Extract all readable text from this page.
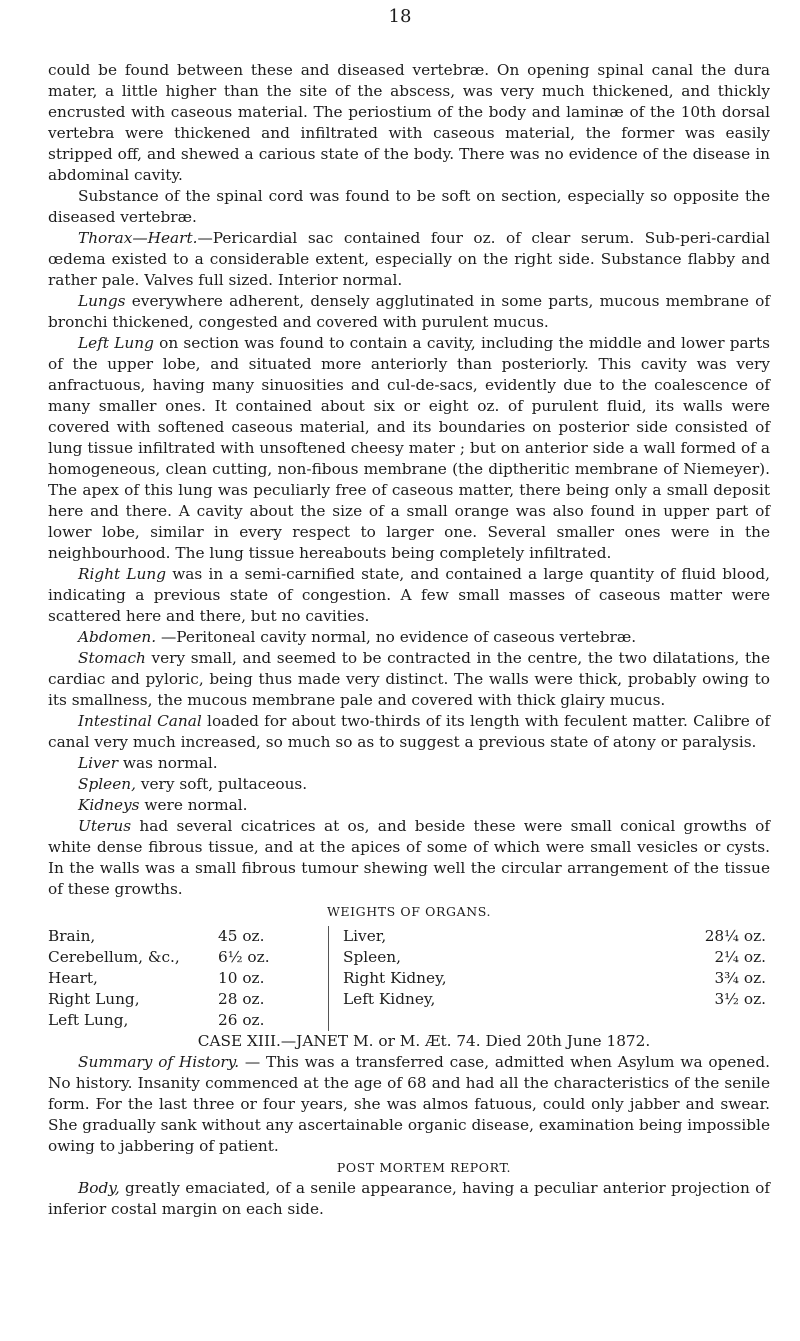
18

could be found between these and diseased vertebræ. On opening spinal canal the dura mater, a little higher than the site of the abscess, was very much thickened, and thickly encrusted with caseous material. The periostium of the body and laminæ of the 10th dorsal vertebra were thickened and infiltrated with caseous material, the former was easily stripped off, and shewed a carious state of the body. There was no evidence of the disease in abdominal cavity.

Substance of the spinal cord was found to be soft on section, especially so opposite the diseased vertebræ.

Thorax—Heart.—Pericardial sac contained four oz. of clear serum. Sub-peri-cardial œdema existed to a considerable extent, especially on the right side. Substance flabby and rather pale. Valves full sized. Interior normal.

Lungs everywhere adherent, densely agglutinated in some parts, mucous membrane of bronchi thickened, congested and covered with purulent mucus.

Left Lung on section was found to contain a cavity, including the middle and lower parts of the upper lobe, and situated more anteriorly than posteriorly. This cavity was very anfractuous, having many sinuosities and cul-de-sacs, evidently due to the coalescence of many smaller ones. It contained about six or eight oz. of purulent fluid, its walls were covered with softened caseous material, and its boundaries on posterior side consisted of lung tissue infiltrated with unsoftened cheesy mater ; but on anterior side a wall formed of a homogeneous, clean cutting, non-fibous membrane (the diptheritic membrane of Niemeyer). The apex of this lung was peculiarly free of caseous matter, there being only a small deposit here and there. A cavity about the size of a small orange was also found in upper part of lower lobe, similar in every respect to larger one. Several smaller ones were in the neighbourhood. The lung tissue hereabouts being completely infiltrated.

Right Lung was in a semi-carnified state, and contained a large quantity of fluid blood, indicating a previous state of congestion. A few small masses of caseous matter were scattered here and there, but no cavities.

Abdomen. —Peritoneal cavity normal, no evidence of caseous vertebræ.

Stomach very small, and seemed to be contracted in the centre, the two dilatations, the cardiac and pyloric, being thus made very distinct. The walls were thick, probably owing to its smallness, the mucous membrane pale and covered with thick glairy mucus.

Intestinal Canal loaded for about two-thirds of its length with feculent matter. Calibre of canal very much increased, so much so as to suggest a previous state of atony or paralysis.

Liver was normal.

Spleen, very soft, pultaceous.

Kidneys were normal.

Uterus had several cicatrices at os, and beside these were small conical growths of white dense fibrous tissue, and at the apices of some of which were small vesicles or cysts. In the walls was a small fibrous tumour shewing well the circular arrangement of the tissue of these growths.

WEIGHTS OF ORGANS.
Brain,	45 oz.		Liver,	28¼ oz.
Cerebellum, &c.,	6½ oz.		Spleen,	2¼ oz.
Heart,	10 oz.		Right Kidney,	3¾ oz.
Right Lung,	28 oz.		Left Kidney,	3½ oz.
Left Lung,	26 oz.			

CASE XIII.—JANET M. or M. Æt. 74. Died 20th June 1872.

Summary of History. — This was a transferred case, admitted when Asylum wa opened. No history. Insanity commenced at the age of 68 and had all the characteristics of the senile form. For the last three or four years, she was almos fatuous, could only jabber and swear. She gradually sank without any ascertainable organic disease, examination being impossible owing to jabbering of patient.

POST MORTEM REPORT.

Body, greatly emaciated, of a senile appearance, having a peculiar anterior projection of inferior costal margin on each side.
